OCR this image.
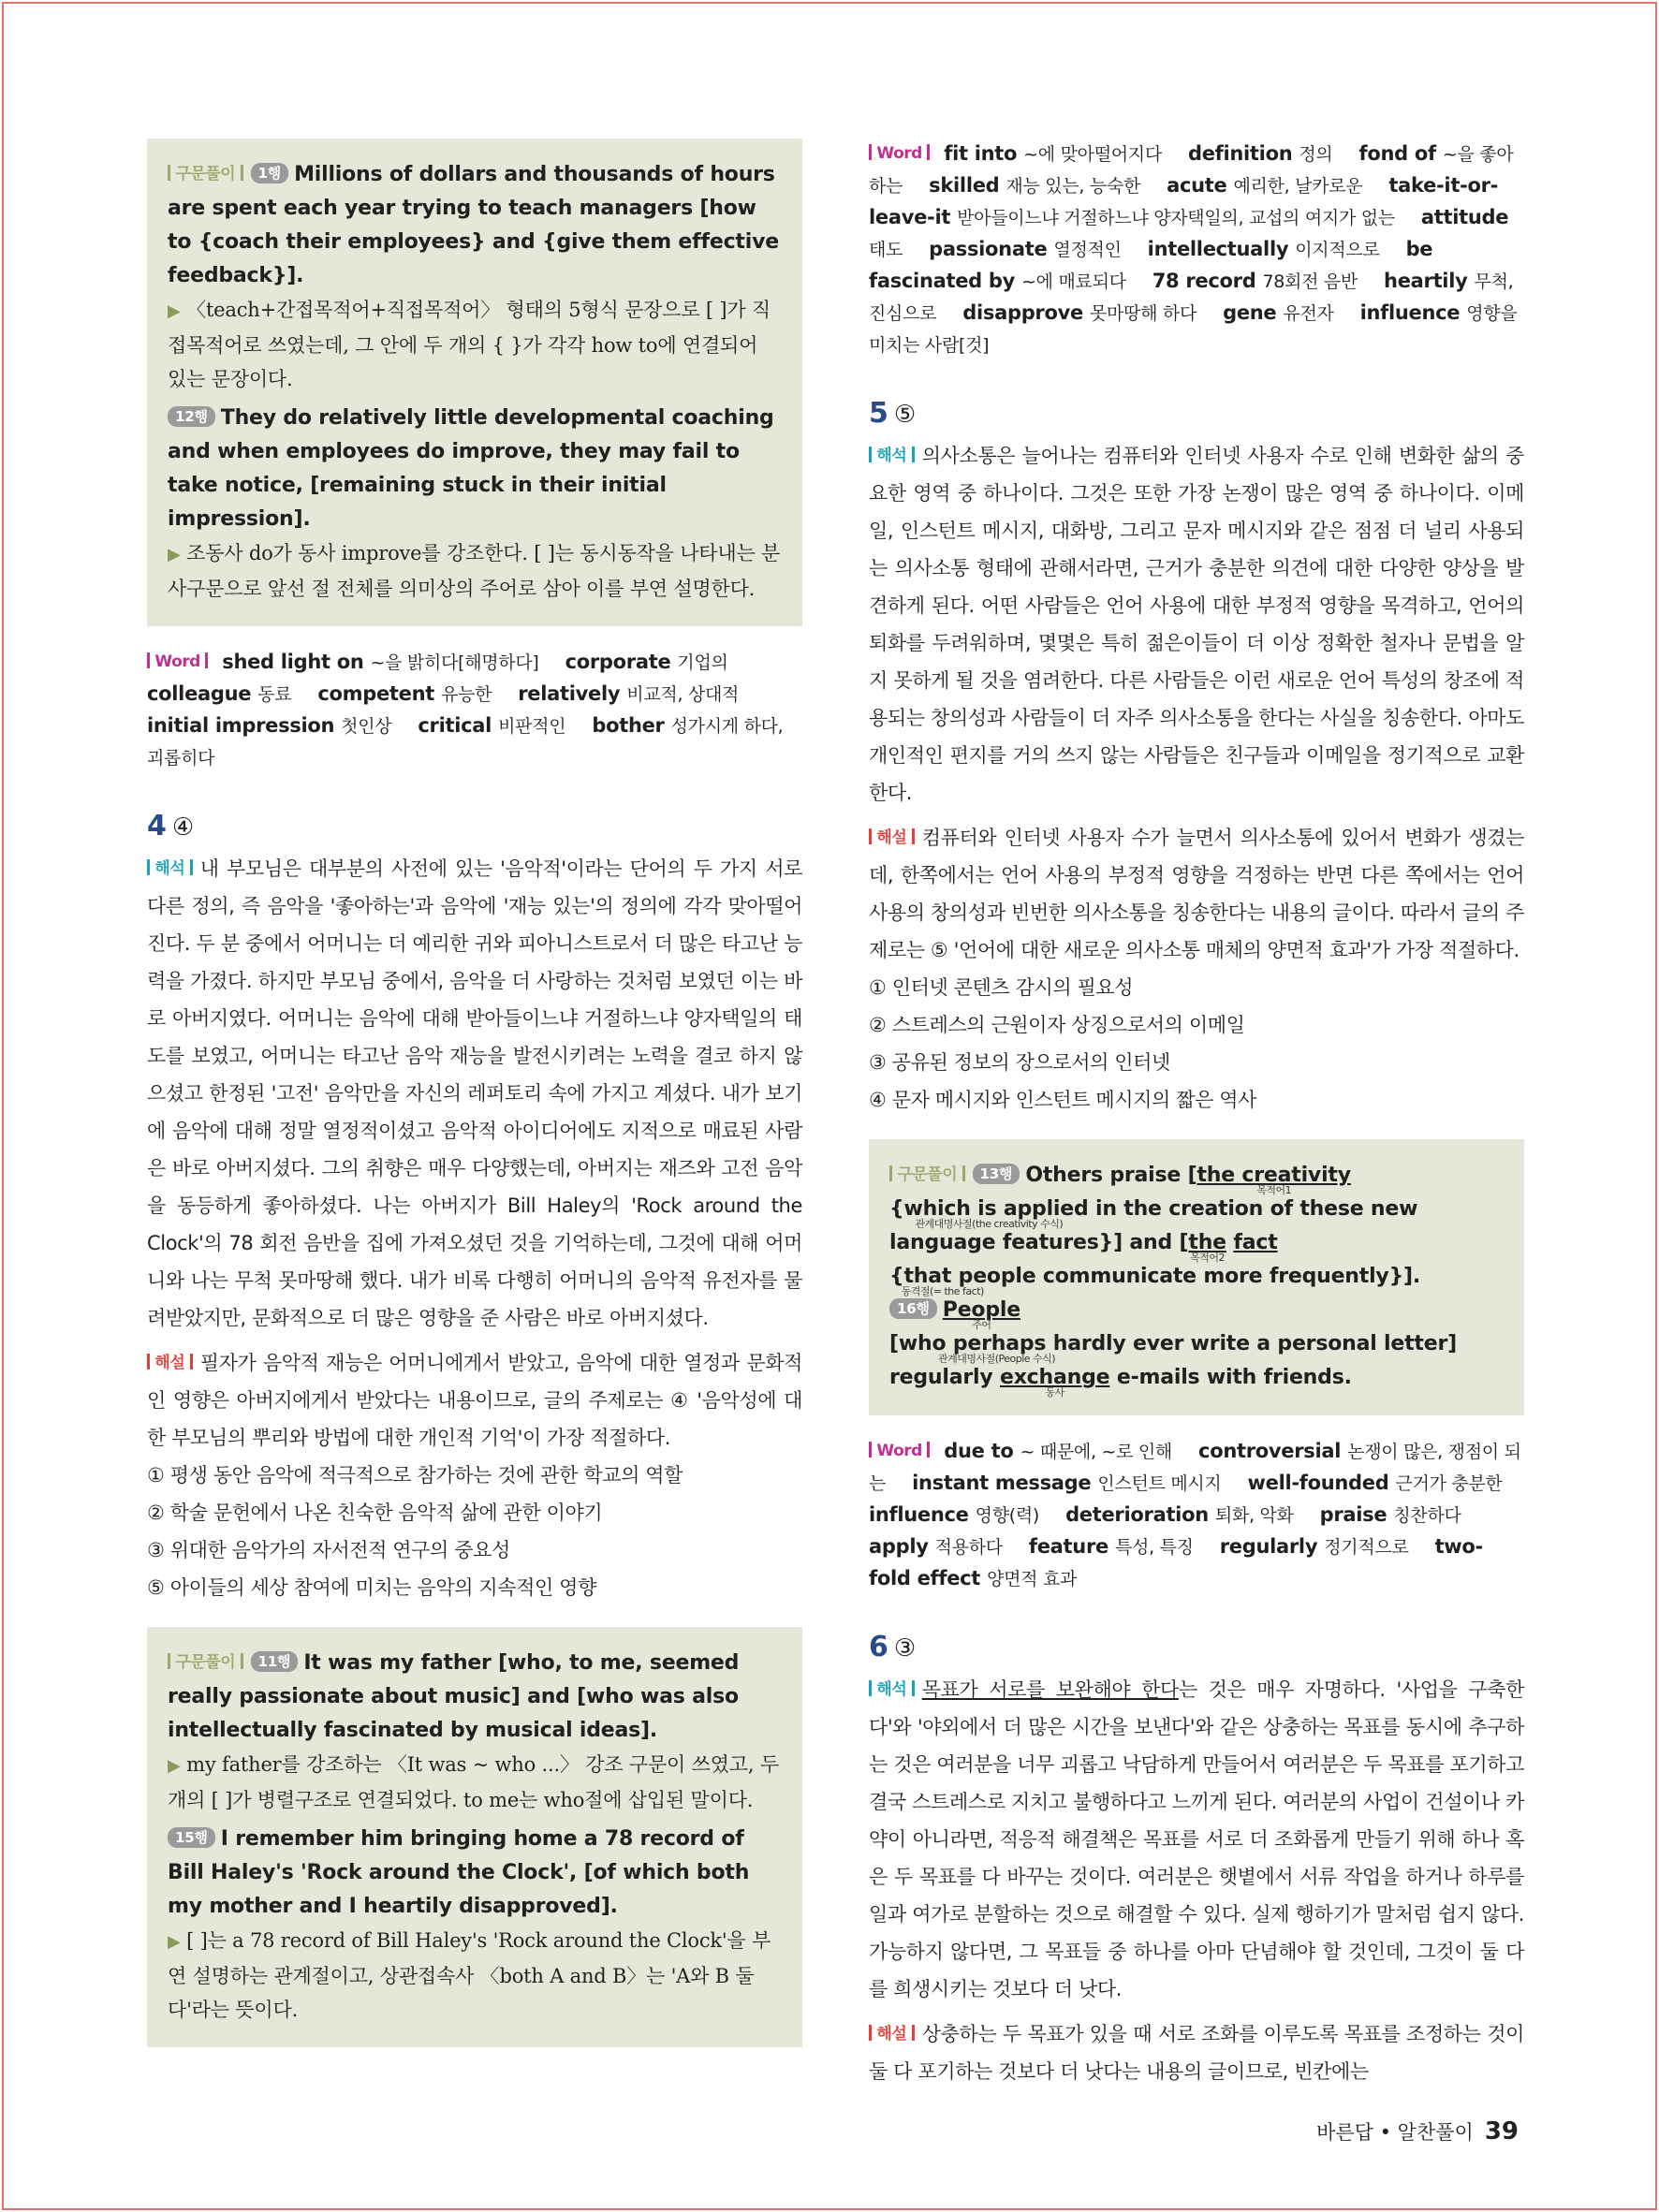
구문풀이 1행 Millions of dollars and thousands of hours are spent each year trying to teach managers [how to {coach their employees} and {give them effective feedback}].

▶ 〈teach+간접목적어+직접목적어〉 형태의 5형식 문장으로 [ ]가 직접목적어로 쓰였는데, 그 안에 두 개의 { }가 각각 how to에 연결되어 있는 문장이다.

12행 They do relatively little developmental coaching and when employees do improve, they may fail to take notice, [remaining stuck in their initial impression].

▶ 조동사 do가 동사 improve를 강조한다. [ ]는 동시동작을 나타내는 분사구문으로 앞선 절 전체를 의미상의 주어로 삼아 이를 부연 설명한다.

Word shed light on ~을 밝히다[해명하다] corporate 기업의    colleague 동료 competent 유능한 relatively 비교적, 상대적    initial impression 첫인상 critical 비판적인 bother 성가시게 하다, 괴롭히다
4 ④

해석 내 부모님은 대부분의 사전에 있는 '음악적'이라는 단어의 두 가지 서로 다른 정의, 즉 음악을 '좋아하는'과 음악에 '재능 있는'의 정의에 각각 맞아떨어진다. 두 분 중에서 어머니는 더 예리한 귀와 피아니스트로서 더 많은 타고난 능력을 가졌다. 하지만 부모님 중에서, 음악을 더 사랑하는 것처럼 보였던 이는 바로 아버지였다. 어머니는 음악에 대해 받아들이느냐 거절하느냐 양자택일의 태도를 보였고, 어머니는 타고난 음악 재능을 발전시키려는 노력을 결코 하지 않으셨고 한정된 '고전' 음악만을 자신의 레퍼토리 속에 가지고 계셨다. 내가 보기에 음악에 대해 정말 열정적이셨고 음악적 아이디어에도 지적으로 매료된 사람은 바로 아버지셨다. 그의 취향은 매우 다양했는데, 아버지는 재즈와 고전 음악을 동등하게 좋아하셨다. 나는 아버지가 Bill Haley의 'Rock around the Clock'의 78 회전 음반을 집에 가져오셨던 것을 기억하는데, 그것에 대해 어머니와 나는 무척 못마땅해 했다. 내가 비록 다행히 어머니의 음악적 유전자를 물려받았지만, 문화적으로 더 많은 영향을 준 사람은 바로 아버지셨다.

해설 필자가 음악적 재능은 어머니에게서 받았고, 음악에 대한 열정과 문화적인 영향은 아버지에게서 받았다는 내용이므로, 글의 주제로는 ④ '음악성에 대한 부모님의 뿌리와 방법에 대한 개인적 기억'이 가장 적절하다.

① 평생 동안 음악에 적극적으로 참가하는 것에 관한 학교의 역할

② 학술 문헌에서 나온 친숙한 음악적 삶에 관한 이야기

③ 위대한 음악가의 자서전적 연구의 중요성

⑤ 아이들의 세상 참여에 미치는 음악의 지속적인 영향

구문풀이 11행 It was my father [who, to me, seemed really passionate about music] and [who was also intellectually fascinated by musical ideas].

▶ my father를 강조하는 〈It was ~ who ...〉 강조 구문이 쓰였고, 두 개의 [ ]가 병렬구조로 연결되었다. to me는 who절에 삽입된 말이다.

15행 I remember him bringing home a 78 record of Bill Haley's 'Rock around the Clock', [of which both my mother and I heartily disapproved].

▶ [ ]는 a 78 record of Bill Haley's 'Rock around the Clock'을 부연 설명하는 관계절이고, 상관접속사 〈both A and B〉는 'A와 B 둘 다'라는 뜻이다.

Word fit into ~에 맞아떨어지다 definition 정의 fond of ~을 좋아하는 skilled 재능 있는, 능숙한 acute 예리한, 날카로운 take-it-or-leave-it 받아들이느냐 거절하느냐 양자택일의, 교섭의 여지가 없는 attitude 태도 passionate 열정적인 intellectually 이지적으로 be fascinated by ~에 매료되다 78 record 78회전 음반 heartily 무척, 진심으로 disapprove 못마땅해 하다 gene 유전자 influence 영향을 미치는 사람[것]
5 ⑤

해석 의사소통은 늘어나는 컴퓨터와 인터넷 사용자 수로 인해 변화한 삶의 중요한 영역 중 하나이다. 그것은 또한 가장 논쟁이 많은 영역 중 하나이다. 이메일, 인스턴트 메시지, 대화방, 그리고 문자 메시지와 같은 점점 더 널리 사용되는 의사소통 형태에 관해서라면, 근거가 충분한 의견에 대한 다양한 양상을 발견하게 된다. 어떤 사람들은 언어 사용에 대한 부정적 영향을 목격하고, 언어의 퇴화를 두려워하며, 몇몇은 특히 젊은이들이 더 이상 정확한 철자나 문법을 알지 못하게 될 것을 염려한다. 다른 사람들은 이런 새로운 언어 특성의 창조에 적용되는 창의성과 사람들이 더 자주 의사소통을 한다는 사실을 칭송한다. 아마도 개인적인 편지를 거의 쓰지 않는 사람들은 친구들과 이메일을 정기적으로 교환한다.

해설 컴퓨터와 인터넷 사용자 수가 늘면서 의사소통에 있어서 변화가 생겼는데, 한쪽에서는 언어 사용의 부정적 영향을 걱정하는 반면 다른 쪽에서는 언어 사용의 창의성과 빈번한 의사소통을 칭송한다는 내용의 글이다. 따라서 글의 주제로는 ⑤ '언어에 대한 새로운 의사소통 매체의 양면적 효과'가 가장 적절하다.

① 인터넷 콘텐츠 감시의 필요성

② 스트레스의 근원이자 상징으로서의 이메일

③ 공유된 정보의 장으로서의 인터넷

④ 문자 메시지와 인스턴트 메시지의 짧은 역사

구문풀이 13행 Others praise [the creativity
목적어1
{which is applied
관계대명사절(the creativity 수식)
in the creation of these new language features}] and [the
목적어2
fact {that people communicate more frequently}].
동격절(= the fact)

16행 People
주어
[who perhaps hardly ever write a personal
관계대명사절(People 수식)
letter] regularly exchange
동사
e-mails with friends.

Word due to ~ 때문에, ~로 인해 controversial 논쟁이 많은, 쟁점이 되는 instant message 인스턴트 메시지 well-founded 근거가 충분한    influence 영향(력) deterioration 퇴화, 악화 praise 칭찬하다    apply 적용하다 feature 특성, 특징 regularly 정기적으로 two-fold effect 양면적 효과
6 ③

해석 목표가 서로를 보완해야 한다는 것은 매우 자명하다. '사업을 구축한다'와 '야외에서 더 많은 시간을 보낸다'와 같은 상충하는 목표를 동시에 추구하는 것은 여러분을 너무 괴롭고 낙담하게 만들어서 여러분은 두 목표를 포기하고 결국 스트레스로 지치고 불행하다고 느끼게 된다. 여러분의 사업이 건설이나 카약이 아니라면, 적응적 해결책은 목표를 서로 더 조화롭게 만들기 위해 하나 혹은 두 목표를 다 바꾸는 것이다. 여러분은 햇볕에서 서류 작업을 하거나 하루를 일과 여가로 분할하는 것으로 해결할 수 있다. 실제 행하기가 말처럼 쉽지 않다. 가능하지 않다면, 그 목표들 중 하나를 아마 단념해야 할 것인데, 그것이 둘 다를 희생시키는 것보다 더 낫다.

해설 상충하는 두 목표가 있을 때 서로 조화를 이루도록 목표를 조정하는 것이 둘 다 포기하는 것보다 더 낫다는 내용의 글이므로, 빈칸에는

바른답 • 알찬풀이 39
